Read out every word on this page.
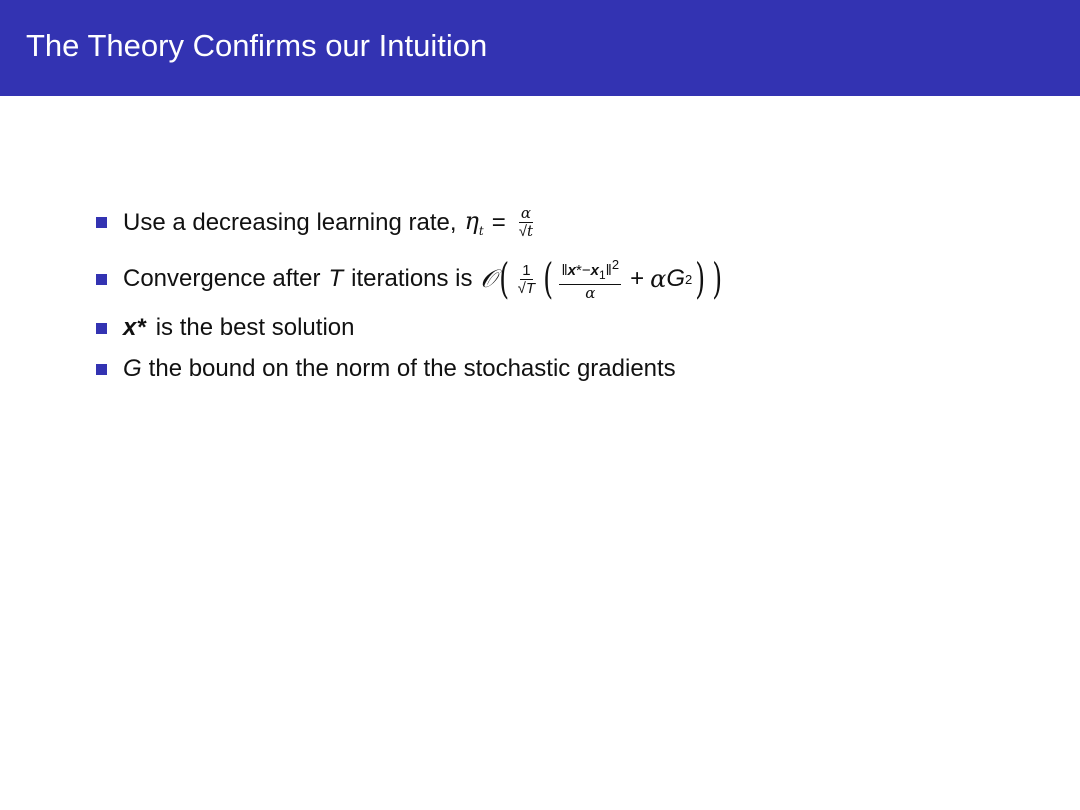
The Theory Confirms our Intuition
Use a decreasing learning rate, $\eta_t = \frac{\alpha}{√t}$
Convergence after T iterations is 𝒪 ( $\frac{1}{√T}$ ( $\frac{‖x*-x_1‖^2}{\alpha} + \alpha$ G 2 ) )
x* is the best solution
G the bound on the norm of the stochastic gradients
